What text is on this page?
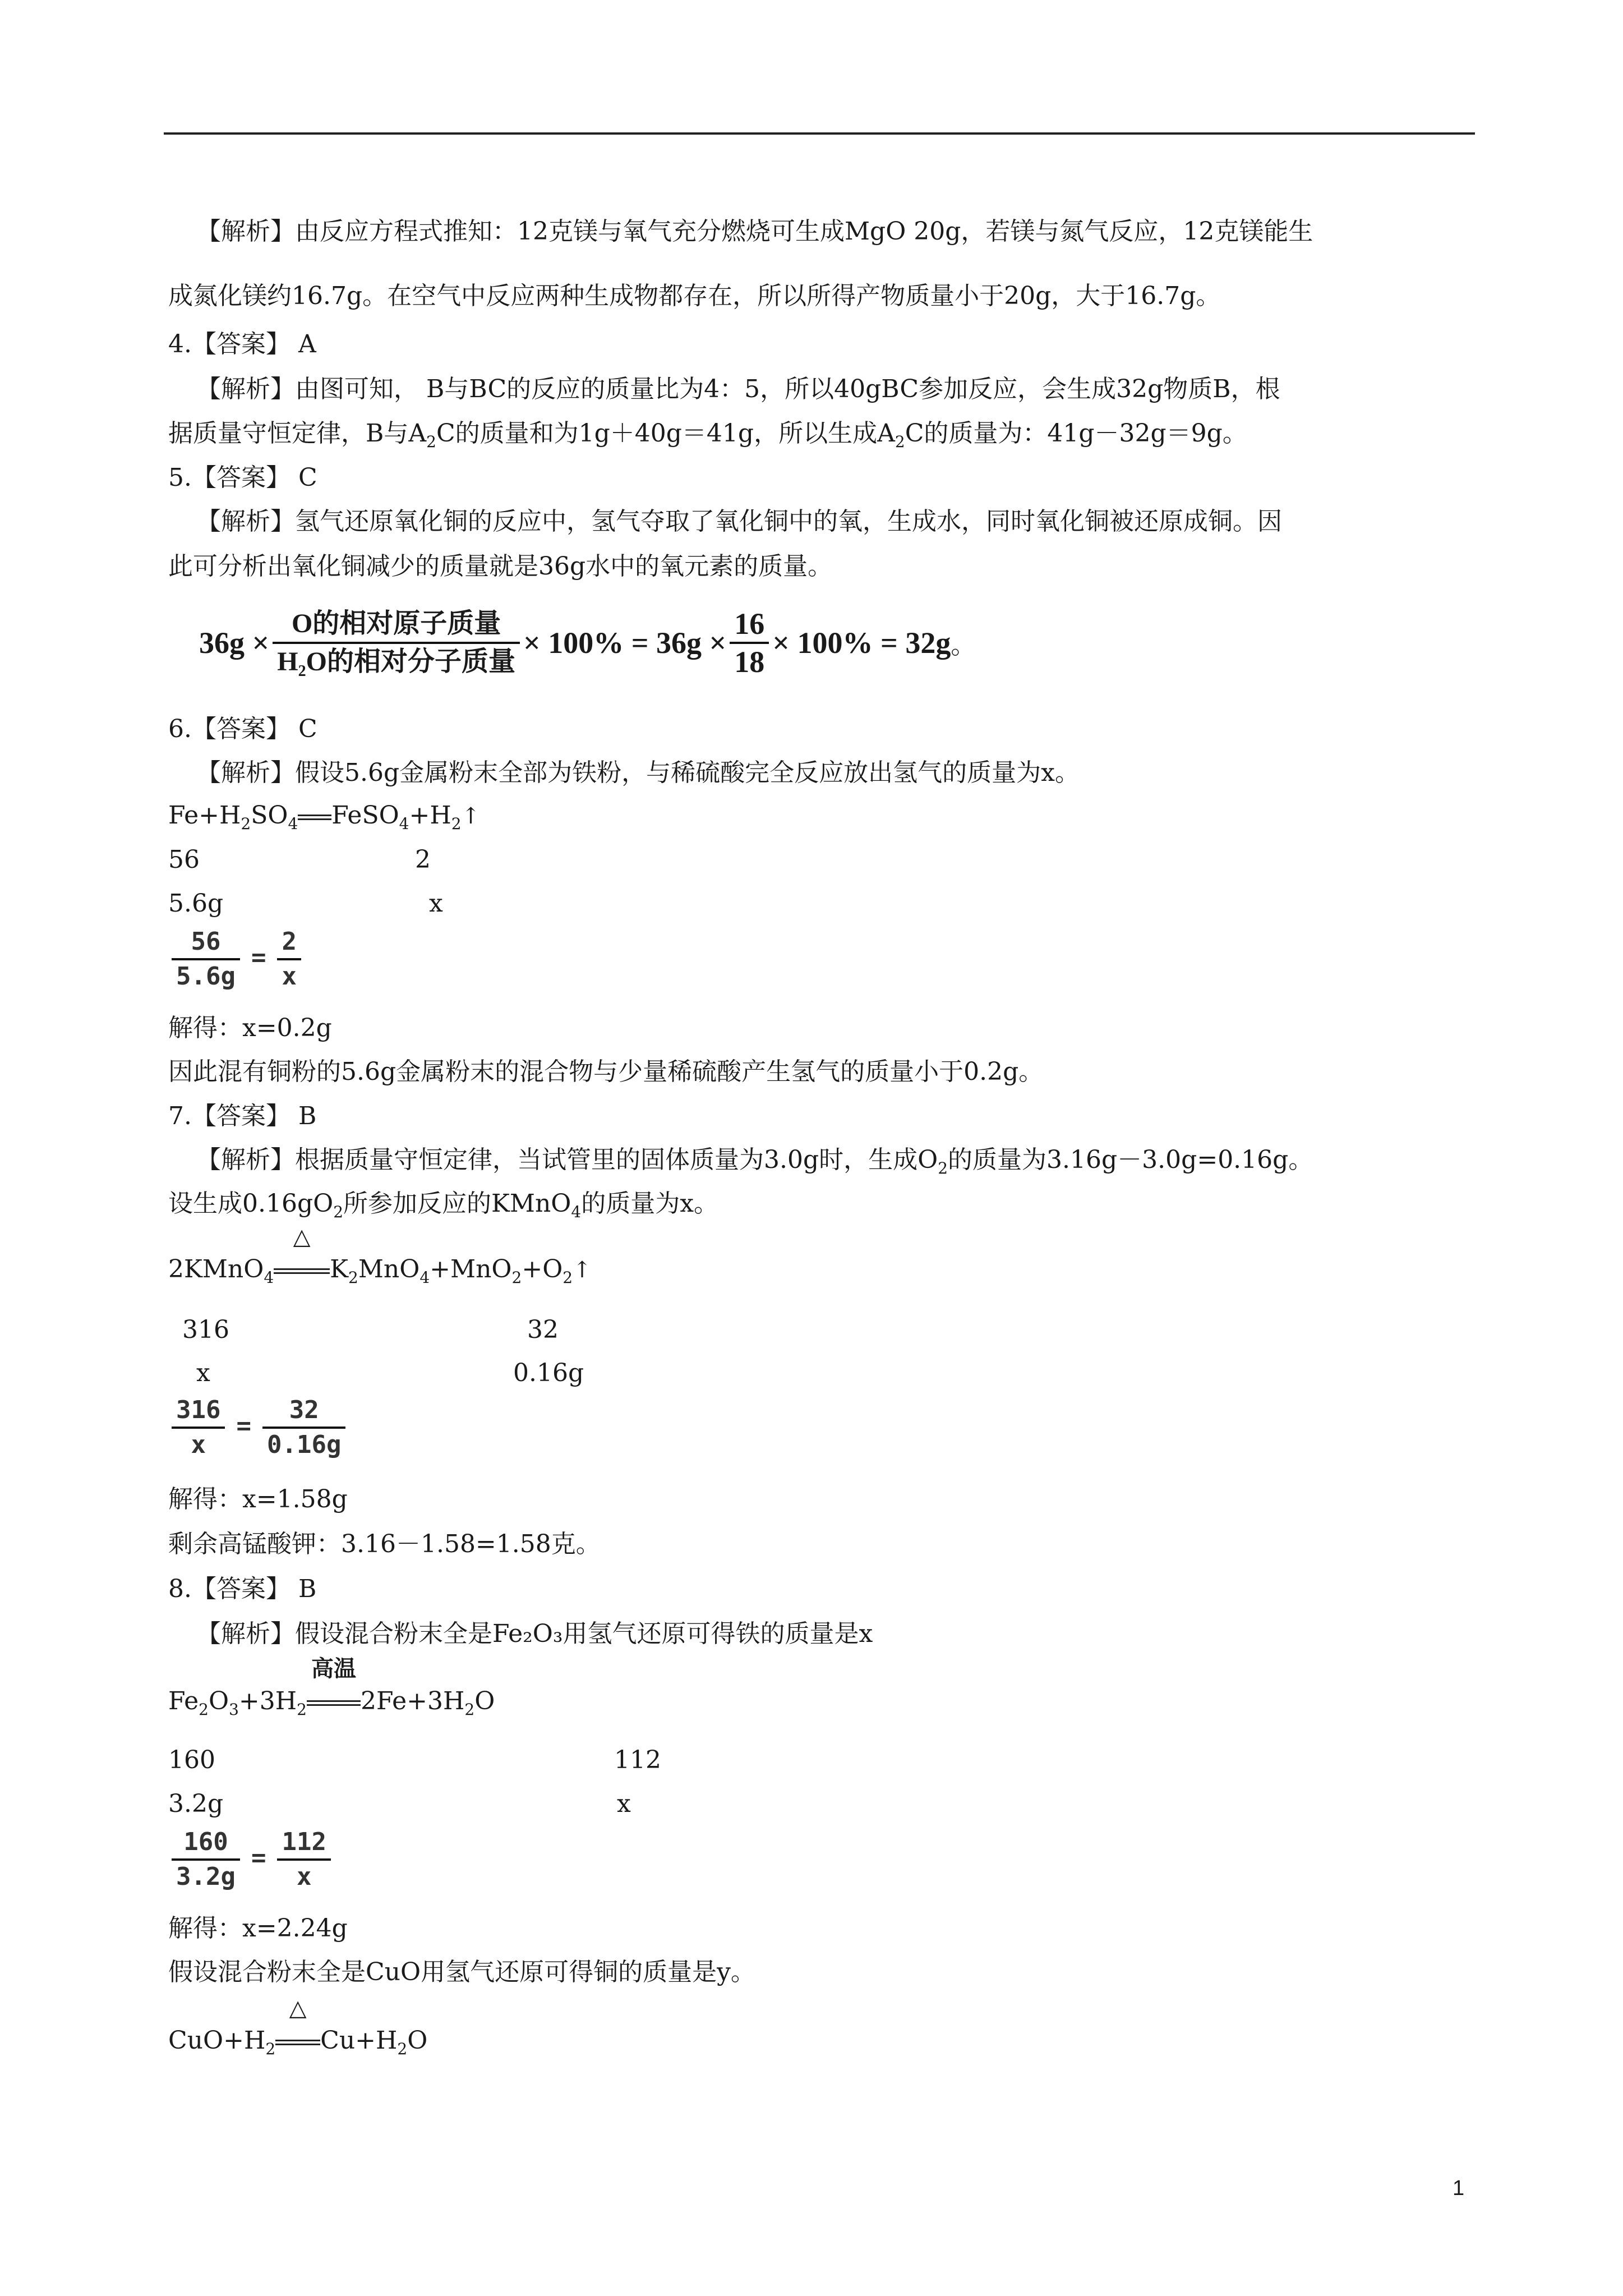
【解析】由反应方程式推知：12克镁与氧气充分燃烧可生成MgO 20g，若镁与氮气反应，12克镁能生
成氮化镁约16.7g。在空气中反应两种生成物都存在，所以所得产物质量小于20g，大于16.7g。
4.【答案】 A
【解析】由图可知， B与BC的反应的质量比为4：5，所以40gBC参加反应，会生成32g物质B，根
据质量守恒定律，B与$A_2C$的质量和为1g＋40g＝41g，所以生成$A_2C$的质量为：41g－32g＝9g。
5.【答案】 C
【解析】氢气还原氧化铜的反应中，氢气夺取了氧化铜中的氧，生成水，同时氧化铜被还原成铜。因
此可分析出氧化铜减少的质量就是36g水中的氧元素的质量。
$36g \times \frac{\text{O的相对原子质量}}{H_2O的相对分子质量} \times 100\% = 36g \times \frac{16}{18} \times 100\% = 32g$ 。
6.【答案】 C
【解析】假设5.6g金属粉末全部为铁粉，与稀硫酸完全反应放出氢气的质量为x。
$Fe+H_2SO_4$ $FeSO_4+H_2↑$
56	2
5.6g	x
$\frac{56}{5.6g} = \frac{2}{x}$
解得：x=0.2g
因此混有铜粉的5.6g金属粉末的混合物与少量稀硫酸产生氢气的质量小于0.2g。
7.【答案】 B
【解析】根据质量守恒定律，当试管里的固体质量为3.0g时，生成$O_2$的质量为3.16g－3.0g=0.16g。
设生成$0.16gO_2$所参加反应的KMnO$_4$的质量为x。
2KMnO$_4$
△
$K_2MnO_4+MnO_2+O_2↑$
316	32
x	0.16g
$\frac{316}{x} = \frac{32}{0.16g}$
解得：x=1.58g
剩余高锰酸钾：3.16－1.58=1.58克。
8.【答案】 B
【解析】假设混合粉末全是Fe₂O₃用氢气还原可得铁的质量是x
$Fe_2O_3+3H_2$
高温
$2Fe+3H_2O$
160	112
3.2g	x
$\frac{160}{3.2g} = \frac{112}{x}$
解得：x=2.24g
假设混合粉末全是CuO用氢气还原可得铜的质量是y。
$CuO+H_2$
△
$Cu+H_2O$
1
